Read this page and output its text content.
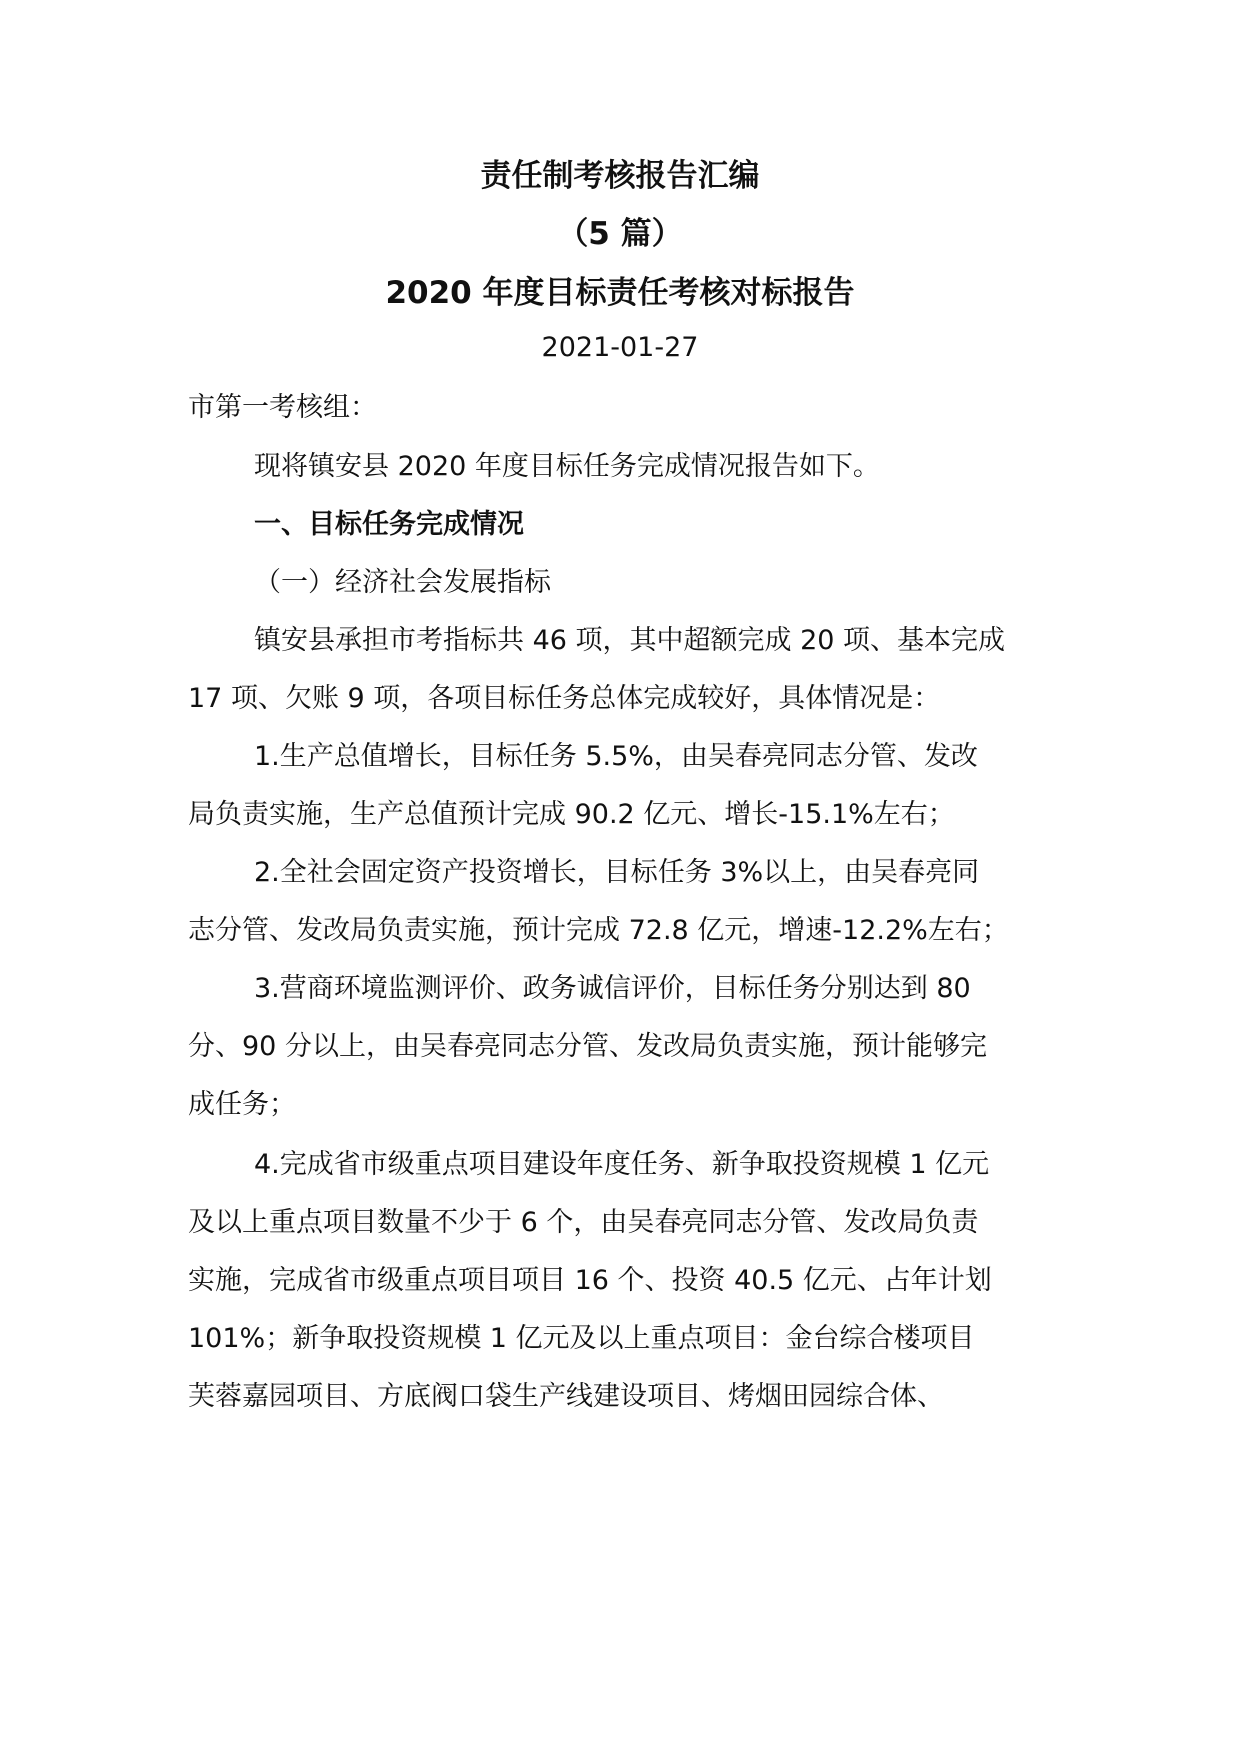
责任制考核报告汇编
（5 篇）
2020 年度目标责任考核对标报告
2021-01-27
市第一考核组：
现将镇安县 2020 年度目标任务完成情况报告如下。
一、目标任务完成情况
（一）经济社会发展指标
镇安县承担市考指标共 46 项，其中超额完成 20 项、基本完成
17 项、欠账 9 项，各项目标任务总体完成较好，具体情况是：
1.生产总值增长，目标任务 5.5%，由吴春亮同志分管、发改
局负责实施，生产总值预计完成 90.2 亿元、增长-15.1%左右；
2.全社会固定资产投资增长，目标任务 3%以上，由吴春亮同
志分管、发改局负责实施，预计完成 72.8 亿元，增速-12.2%左右；
3.营商环境监测评价、政务诚信评价，目标任务分别达到 80
分、90 分以上，由吴春亮同志分管、发改局负责实施，预计能够完
成任务；
4.完成省市级重点项目建设年度任务、新争取投资规模 1 亿元
及以上重点项目数量不少于 6 个，由吴春亮同志分管、发改局负责
实施，完成省市级重点项目项目 16 个、投资 40.5 亿元、占年计划
101%；新争取投资规模 1 亿元及以上重点项目：金台综合楼项目
芙蓉嘉园项目、方底阀口袋生产线建设项目、烤烟田园综合体、
